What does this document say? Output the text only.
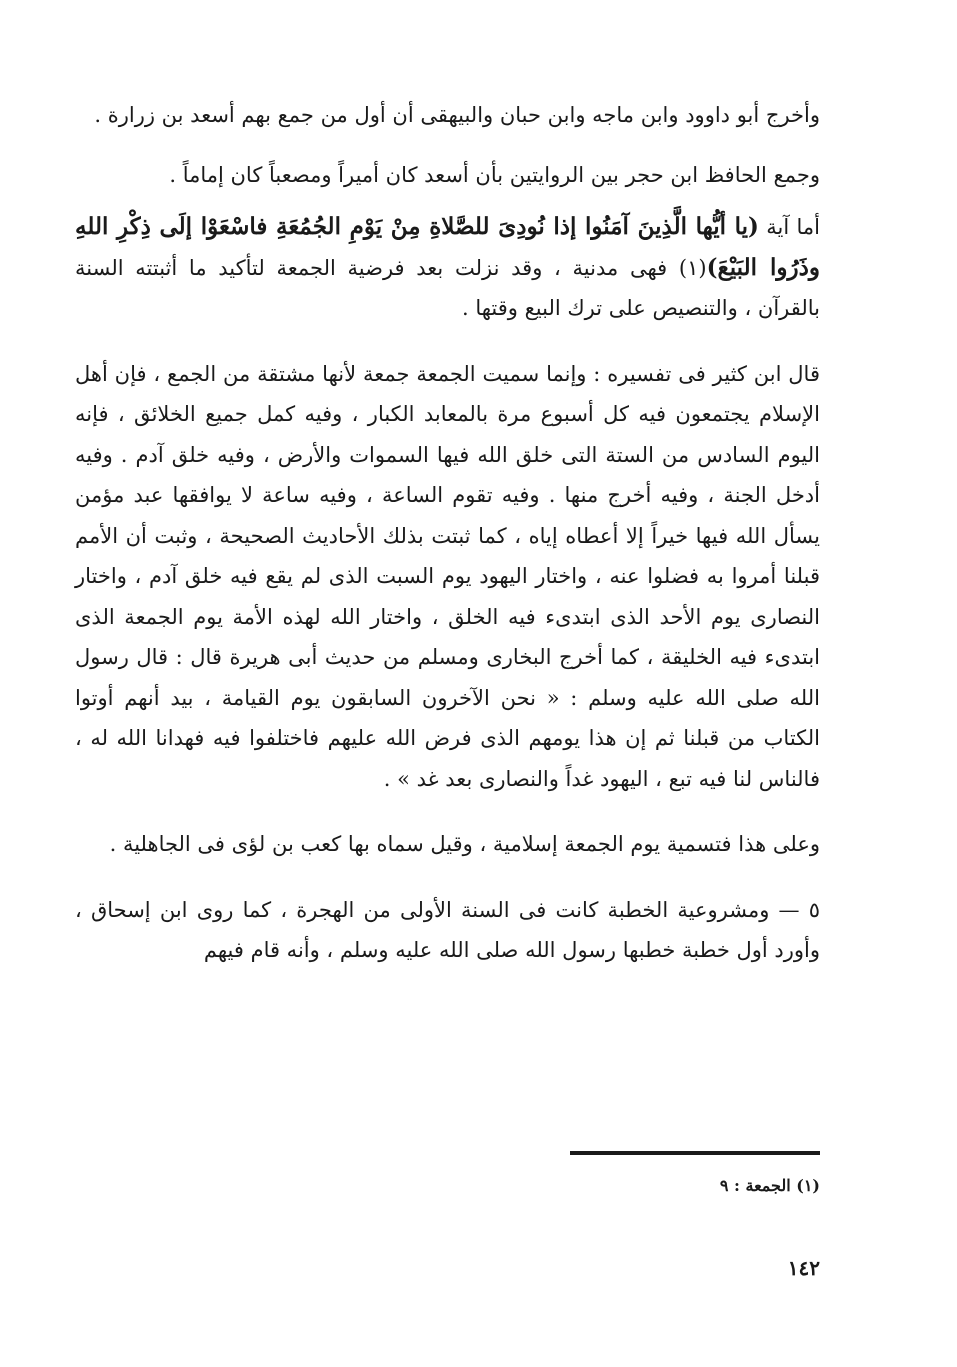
وأخرج أبو داوود وابن ماجه وابن حبان والبيهقى أن أول من جمع بهم أسعد بن زرارة .

وجمع الحافظ ابن حجر بين الروايتين بأن أسعد كان أميراً ومصعباً كان إماماً .

أما آية (يا أيُّها الَّذِينَ آمَنُوا إذا نُودِىَ للصَّلاةِ مِنْ يَوْمِ الجُمُعَةِ فاسْعَوْا إلَى ذِكْرِ اللهِ وذَرُوا البَيْعَ)(١) فهى مدنية ، وقد نزلت بعد فرضية الجمعة لتأكيد ما أثبتته السنة بالقرآن ، والتنصيص على ترك البيع وقتها .

قال ابن كثير فى تفسيره : وإنما سميت الجمعة جمعة لأنها مشتقة من الجمع ، فإن أهل الإسلام يجتمعون فيه كل أسبوع مرة بالمعابد الكبار ، وفيه كمل جميع الخلائق ، فإنه اليوم السادس من الستة التى خلق الله فيها السموات والأرض ، وفيه خلق آدم . وفيه أدخل الجنة ، وفيه أخرج منها . وفيه تقوم الساعة ، وفيه ساعة لا يوافقها عبد مؤمن يسأل الله فيها خيراً إلا أعطاه إياه ، كما ثبتت بذلك الأحاديث الصحيحة ، وثبت أن الأمم قبلنا أمروا به فضلوا عنه ، واختار اليهود يوم السبت الذى لم يقع فيه خلق آدم ، واختار النصارى يوم الأحد الذى ابتدىء فيه الخلق ، واختار الله لهذه الأمة يوم الجمعة الذى ابتدىء فيه الخليقة ، كما أخرج البخارى ومسلم من حديث أبى هريرة قال : قال رسول الله صلى الله عليه وسلم : « نحن الآخرون السابقون يوم القيامة ، بيد أنهم أوتوا الكتاب من قبلنا ثم إن هذا يومهم الذى فرض الله عليهم فاختلفوا فيه فهدانا الله له ، فالناس لنا فيه تبع ، اليهود غداً والنصارى بعد غد » .

وعلى هذا فتسمية يوم الجمعة إسلامية ، وقيل سماه بها كعب بن لؤى فى الجاهلية .

٥ — ومشروعية الخطبة كانت فى السنة الأولى من الهجرة ، كما روى ابن إسحاق ، وأورد أول خطبة خطبها رسول الله صلى الله عليه وسلم ، وأنه قام فيهم

(١) الجمعة : ٩

١٤٢
